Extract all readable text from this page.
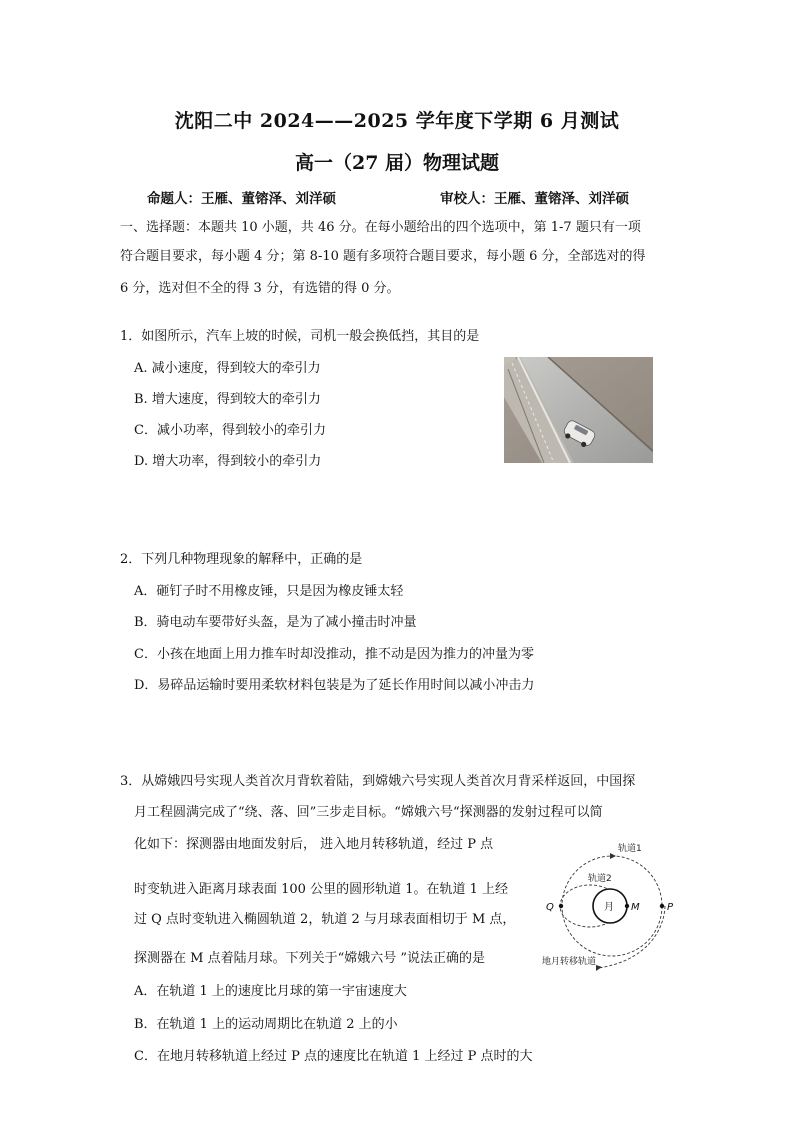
沈阳二中 2024——2025 学年度下学期 6 月测试
高一（27 届）物理试题
命题人：王雁、董镕泽、刘洋硕	审校人：王雁、董镕泽、刘洋硕
一、选择题：本题共 10 小题，共 46 分。在每小题给出的四个选项中，第 1-7 题只有一项
符合题目要求，每小题 4 分；第 8-10 题有多项符合题目要求，每小题 6 分，全部选对的得
6 分，选对但不全的得 3 分，有选错的得 0 分。
1．如图所示，汽车上坡的时候，司机一般会换低挡，其目的是
A. 减小速度，得到较大的牵引力
B. 增大速度，得到较大的牵引力
C．减小功率，得到较小的牵引力
D. 增大功率，得到较小的牵引力
2．下列几种物理现象的解释中，正确的是
A．砸钉子时不用橡皮锤，只是因为橡皮锤太轻
B．骑电动车要带好头盔，是为了减小撞击时冲量
C．小孩在地面上用力推车时却没推动，推不动是因为推力的冲量为零
D．易碎品运输时要用柔软材料包装是为了延长作用时间以减小冲击力
3．从嫦娥四号实现人类首次月背软着陆，到嫦娥六号实现人类首次月背采样返回，中国探
月工程圆满完成了“绕、落、回”三步走目标。“嫦娥六号“探测器的发射过程可以简
化如下：探测器由地面发射后， 进入地月转移轨道，经过 P 点
时变轨进入距离月球表面 100 公里的圆形轨道 1。在轨道 1 上经
过 Q 点时变轨进入椭圆轨道 2，轨道 2 与月球表面相切于 M 点，
探测器在 M 点着陆月球。下列关于“嫦娥六号 ”说法正确的是
A．在轨道 1 上的速度比月球的第一宇宙速度大
B．在轨道 1 上的运动周期比在轨道 2 上的小
C．在地月转移轨道上经过 P 点的速度比在轨道 1 上经过 P 点时的大
轨道1
轨道2
月
Q	M	P
地月转移轨道
